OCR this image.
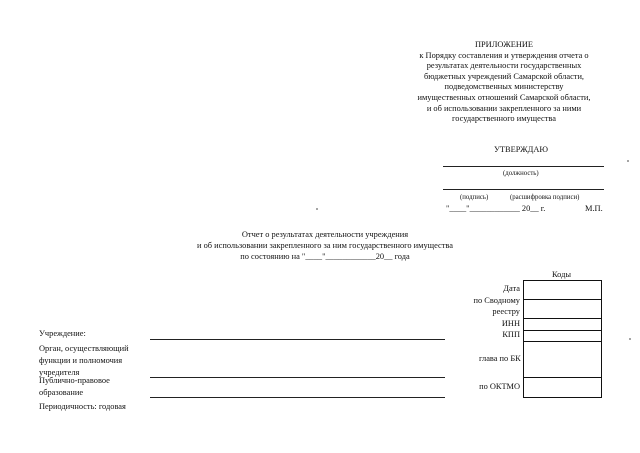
ПРИЛОЖЕНИЕ
к Порядку составления и утверждения отчета о
результатах деятельности государственных
бюджетных учреждений Самарской области,
подведомственных министерству
имущественных отношений Самарской области,
и об использовании закрепленного за ними
государственного имущества
УТВЕРЖДАЮ
(должность)
(подпись)	(расшифровка подписи)
"____"____________ 20__ г.	М.П.
Отчет о результатах деятельности учреждения
и об использовании закрепленного за ним государственного имущества
по состоянию на "____"____________20__ года
Коды
Дата
по Сводному
реестру
ИНН
КПП
глава по БК
по ОКТМО
Учреждение:
Орган, осуществляющий
функции и полномочия
учредителя
Публично-правовое
образование
Периодичность: годовая
